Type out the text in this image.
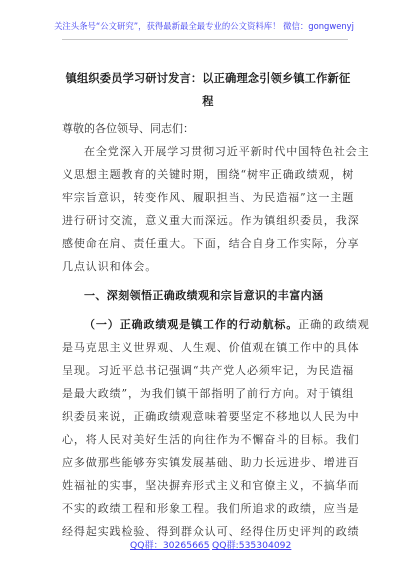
关注头条号“公文研究”，获得最新最全最专业的公文资料库！ 微信：gongwenyj
镇组织委员学习研讨发言：以正确理念引领乡镇工作新征
程
尊敬的各位领导、同志们：
在全党深入开展学习贯彻习近平新时代中国特色社会主
义思想主题教育的关键时期，围绕“树牢正确政绩观，树
牢宗旨意识，转变作风、履职担当、为民造福”这一主题
进行研讨交流，意义重大而深远。作为镇组织委员，我深
感使命在肩、责任重大。下面，结合自身工作实际，分享
几点认识和体会。
一、深刻领悟正确政绩观和宗旨意识的丰富内涵
（一）正确政绩观是镇工作的行动航标。正确的政绩观
是马克思主义世界观、人生观、价值观在镇工作中的具体
呈现。习近平总书记强调“共产党人必须牢记，为民造福
是最大政绩”，为我们镇干部指明了前行方向。对于镇组
织委员来说，正确政绩观意味着要坚定不移地以人民为中
心，将人民对美好生活的向往作为不懈奋斗的目标。我们
应多做那些能够夯实镇发展基础、助力长远进步、增进百
姓福祉的实事，坚决摒弃形式主义和官僚主义，不搞华而
不实的政绩工程和形象工程。我们所追求的政绩，应当是
经得起实践检验、得到群众认可、经得住历史评判的政绩
QQ群：30265665 QQ群:535304092
